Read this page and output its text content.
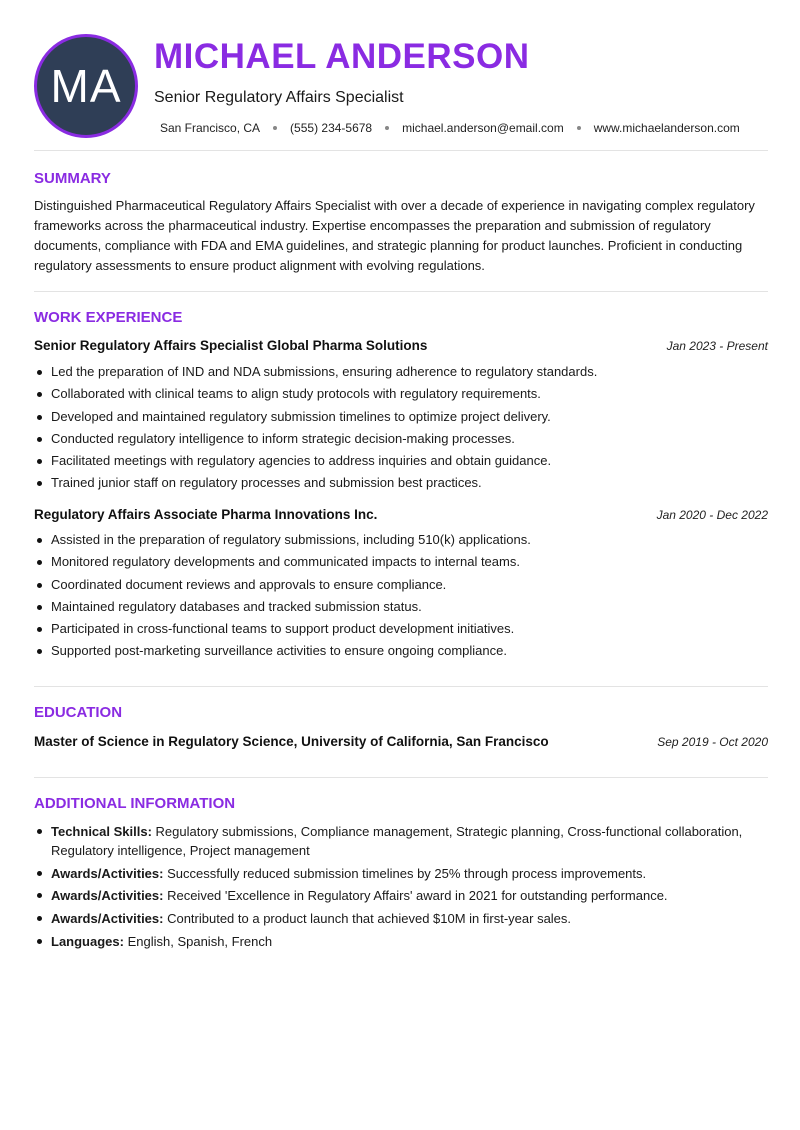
MA
MICHAEL ANDERSON
Senior Regulatory Affairs Specialist
San Francisco, CA	(555) 234-5678	michael.anderson@email.com	www.michaelanderson.com
SUMMARY

Distinguished Pharmaceutical Regulatory Affairs Specialist with over a decade of experience in navigating complex regulatory frameworks across the pharmaceutical industry. Expertise encompasses the preparation and submission of regulatory documents, compliance with FDA and EMA guidelines, and strategic planning for product launches. Proficient in conducting regulatory assessments to ensure product alignment with evolving regulations.

WORK EXPERIENCE
Senior Regulatory Affairs Specialist Global Pharma Solutions	Jan 2023 - Present
Led the preparation of IND and NDA submissions, ensuring adherence to regulatory standards.
Collaborated with clinical teams to align study protocols with regulatory requirements.
Developed and maintained regulatory submission timelines to optimize project delivery.
Conducted regulatory intelligence to inform strategic decision-making processes.
Facilitated meetings with regulatory agencies to address inquiries and obtain guidance.
Trained junior staff on regulatory processes and submission best practices.
Regulatory Affairs Associate Pharma Innovations Inc.	Jan 2020 - Dec 2022
Assisted in the preparation of regulatory submissions, including 510(k) applications.
Monitored regulatory developments and communicated impacts to internal teams.
Coordinated document reviews and approvals to ensure compliance.
Maintained regulatory databases and tracked submission status.
Participated in cross-functional teams to support product development initiatives.
Supported post-marketing surveillance activities to ensure ongoing compliance.
EDUCATION
Master of Science in Regulatory Science, University of California, San Francisco	Sep 2019 - Oct 2020
ADDITIONAL INFORMATION
Technical Skills: Regulatory submissions, Compliance management, Strategic planning, Cross-functional collaboration, Regulatory intelligence, Project management
Awards/Activities: Successfully reduced submission timelines by 25% through process improvements.
Awards/Activities: Received 'Excellence in Regulatory Affairs' award in 2021 for outstanding performance.
Awards/Activities: Contributed to a product launch that achieved $10M in first-year sales.
Languages: English, Spanish, French
